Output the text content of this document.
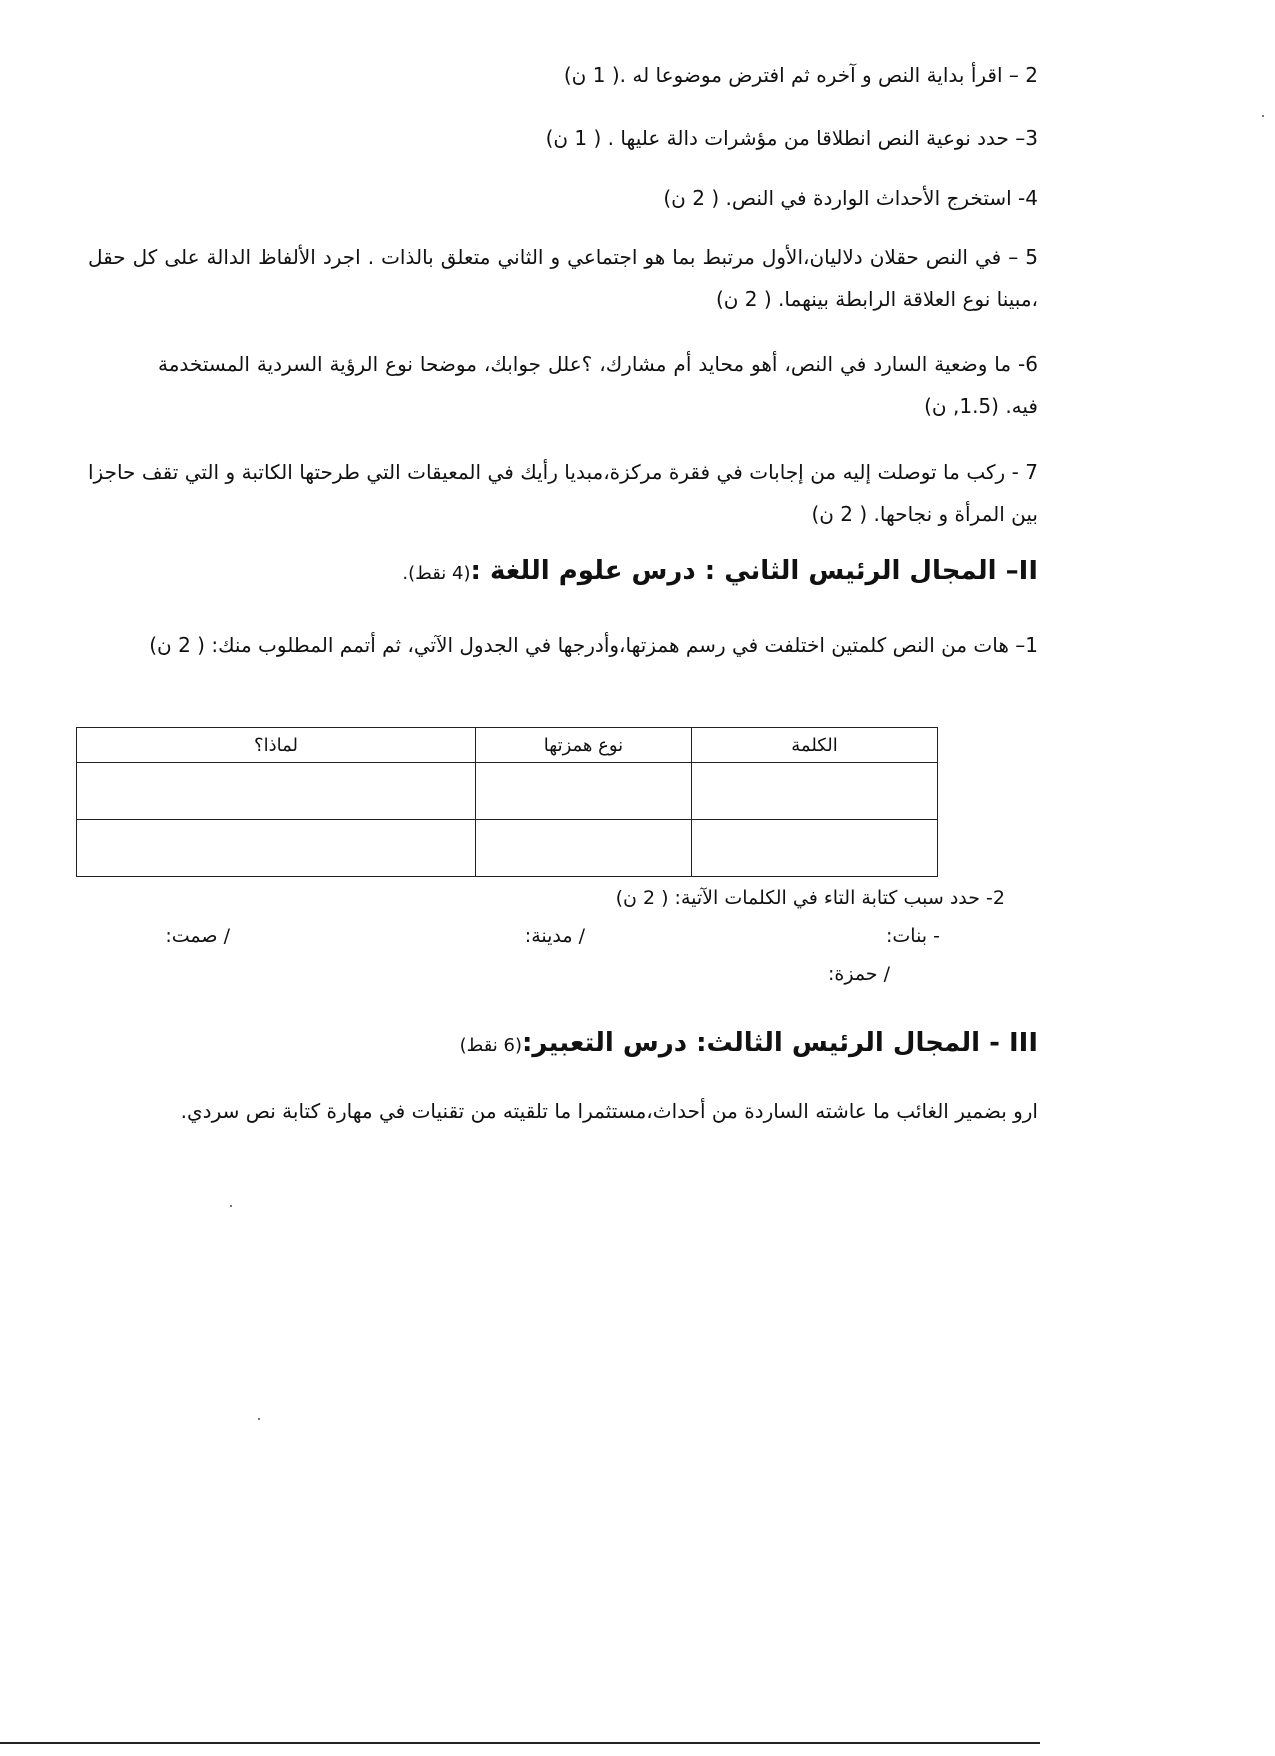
2 – اقرأ بداية النص و آخره ثم افترض موضوعا له .( 1 ن)

3– حدد نوعية النص انطلاقا من مؤشرات دالة عليها . ( 1 ن)

4- استخرج الأحداث الواردة في النص. ( 2 ن)

5 – في النص حقلان دلاليان،الأول مرتبط بما هو اجتماعي و الثاني متعلق بالذات . اجرد الألفاظ الدالة على كل حقل ،مبينا نوع العلاقة الرابطة بينهما. ( 2 ن)

6- ما وضعية السارد في النص، أهو محايد أم مشارك، ؟علل جوابك، موضحا نوع الرؤية السردية المستخدمة فيه. (1.5, ن)

7 - ركب ما توصلت إليه من إجابات في فقرة مركزة،مبديا رأيك في المعيقات التي طرحتها الكاتبة و التي تقف حاجزا بين المرأة و نجاحها. ( 2 ن)

II– المجال الرئيس الثاني : درس علوم اللغة :(4 نقط).

1– هات من النص كلمتين اختلفت في رسم همزتها،وأدرجها في الجدول الآتي، ثم أتمم المطلوب منك: ( 2 ن)

الكلمة	نوع همزتها	لماذا؟

2- حدد سبب كتابة التاء في الكلمات الآتية: ( 2 ن)

- بنات:

/ مدينة:

/ صمت:

/ حمزة:

III - المجال الرئيس الثالث: درس التعبير:(6 نقط)

ارو بضمير الغائب ما عاشته الساردة من أحداث،مستثمرا ما تلقيته من تقنيات في مهارة كتابة نص سردي.
